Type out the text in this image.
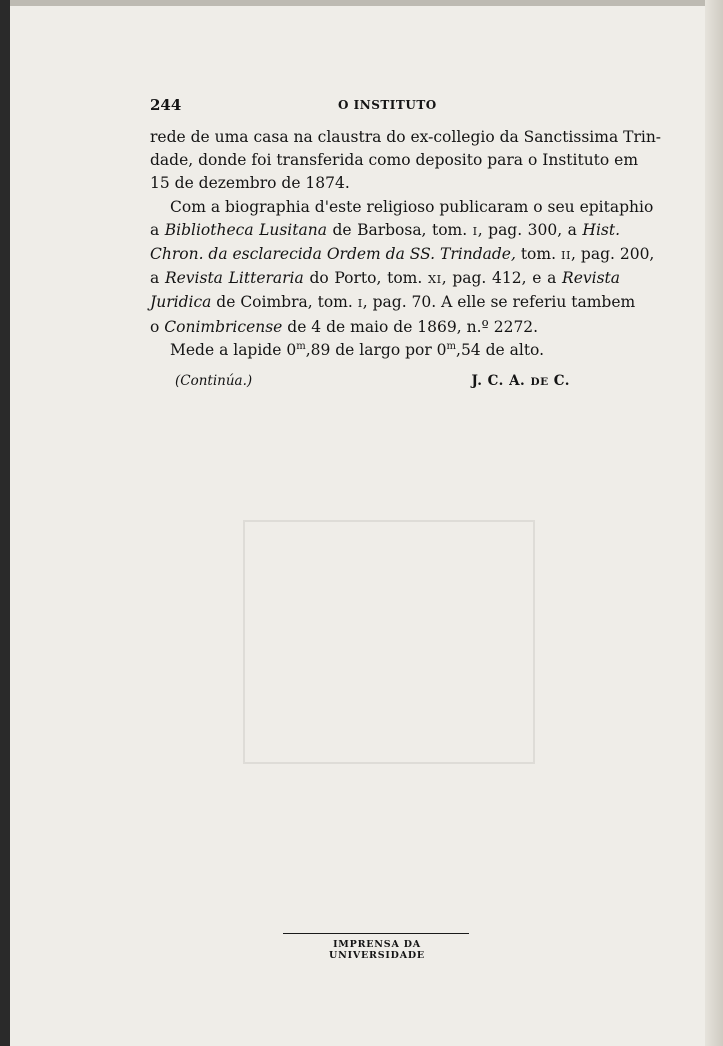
244	O INSTITUTO
rede de uma casa na claustra do ex-collegio da Sanctissima Trin-
dade, donde foi transferida como deposito para o Instituto em
15 de dezembro de 1874.
Com a biographia d'este religioso publicaram o seu epitaphio
a Bibliotheca Lusitana de Barbosa, tom. I, pag. 300, a Hist.
Chron. da esclarecida Ordem da SS. Trindade, tom. II, pag. 200,
a Revista Litteraria do Porto, tom. XI, pag. 412, e a Revista
Juridica de Coimbra, tom. I, pag. 70. A elle se referiu tambem
o Conimbricense de 4 de maio de 1869, n.º 2272.
Mede a lapide 0$^m$,89 de largo por 0$^m$,54 de alto.
(Continúa.)	J. C. A. DE C.
IMPRENSA DA UNIVERSIDADE
